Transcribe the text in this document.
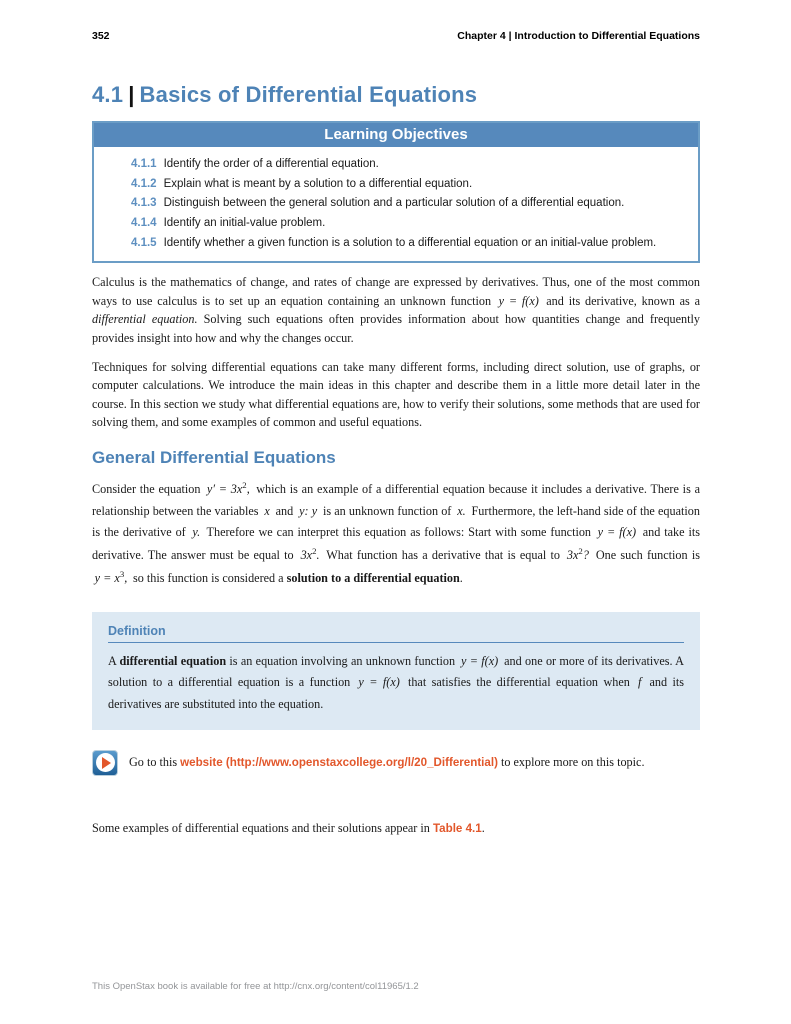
352	Chapter 4 | Introduction to Differential Equations
4.1 | Basics of Differential Equations
Learning Objectives
4.1.1 Identify the order of a differential equation.
4.1.2 Explain what is meant by a solution to a differential equation.
4.1.3 Distinguish between the general solution and a particular solution of a differential equation.
4.1.4 Identify an initial-value problem.
4.1.5 Identify whether a given function is a solution to a differential equation or an initial-value problem.

Calculus is the mathematics of change, and rates of change are expressed by derivatives. Thus, one of the most common ways to use calculus is to set up an equation containing an unknown function y = f(x) and its derivative, known as a differential equation. Solving such equations often provides information about how quantities change and frequently provides insight into how and why the changes occur.

Techniques for solving differential equations can take many different forms, including direct solution, use of graphs, or computer calculations. We introduce the main ideas in this chapter and describe them in a little more detail later in the course. In this section we study what differential equations are, how to verify their solutions, some methods that are used for solving them, and some examples of common and useful equations.

General Differential Equations

Consider the equation $y' = 3x^2$, which is an example of a differential equation because it includes a derivative. There is a relationship between the variables x and y: y is an unknown function of x. Furthermore, the left-hand side of the equation is the derivative of y. Therefore we can interpret this equation as follows: Start with some function y = f(x) and take its derivative. The answer must be equal to $3x^2$. What function has a derivative that is equal to $3x^2$? One such function is $y = x^3$, so this function is considered a solution to a differential equation.

Definition

A differential equation is an equation involving an unknown function y = f(x) and one or more of its derivatives. A solution to a differential equation is a function y = f(x) that satisfies the differential equation when f and its derivatives are substituted into the equation.

Go to this website (http://www.openstaxcollege.org/l/20_Differential) to explore more on this topic.

Some examples of differential equations and their solutions appear in Table 4.1.

This OpenStax book is available for free at http://cnx.org/content/col11965/1.2
